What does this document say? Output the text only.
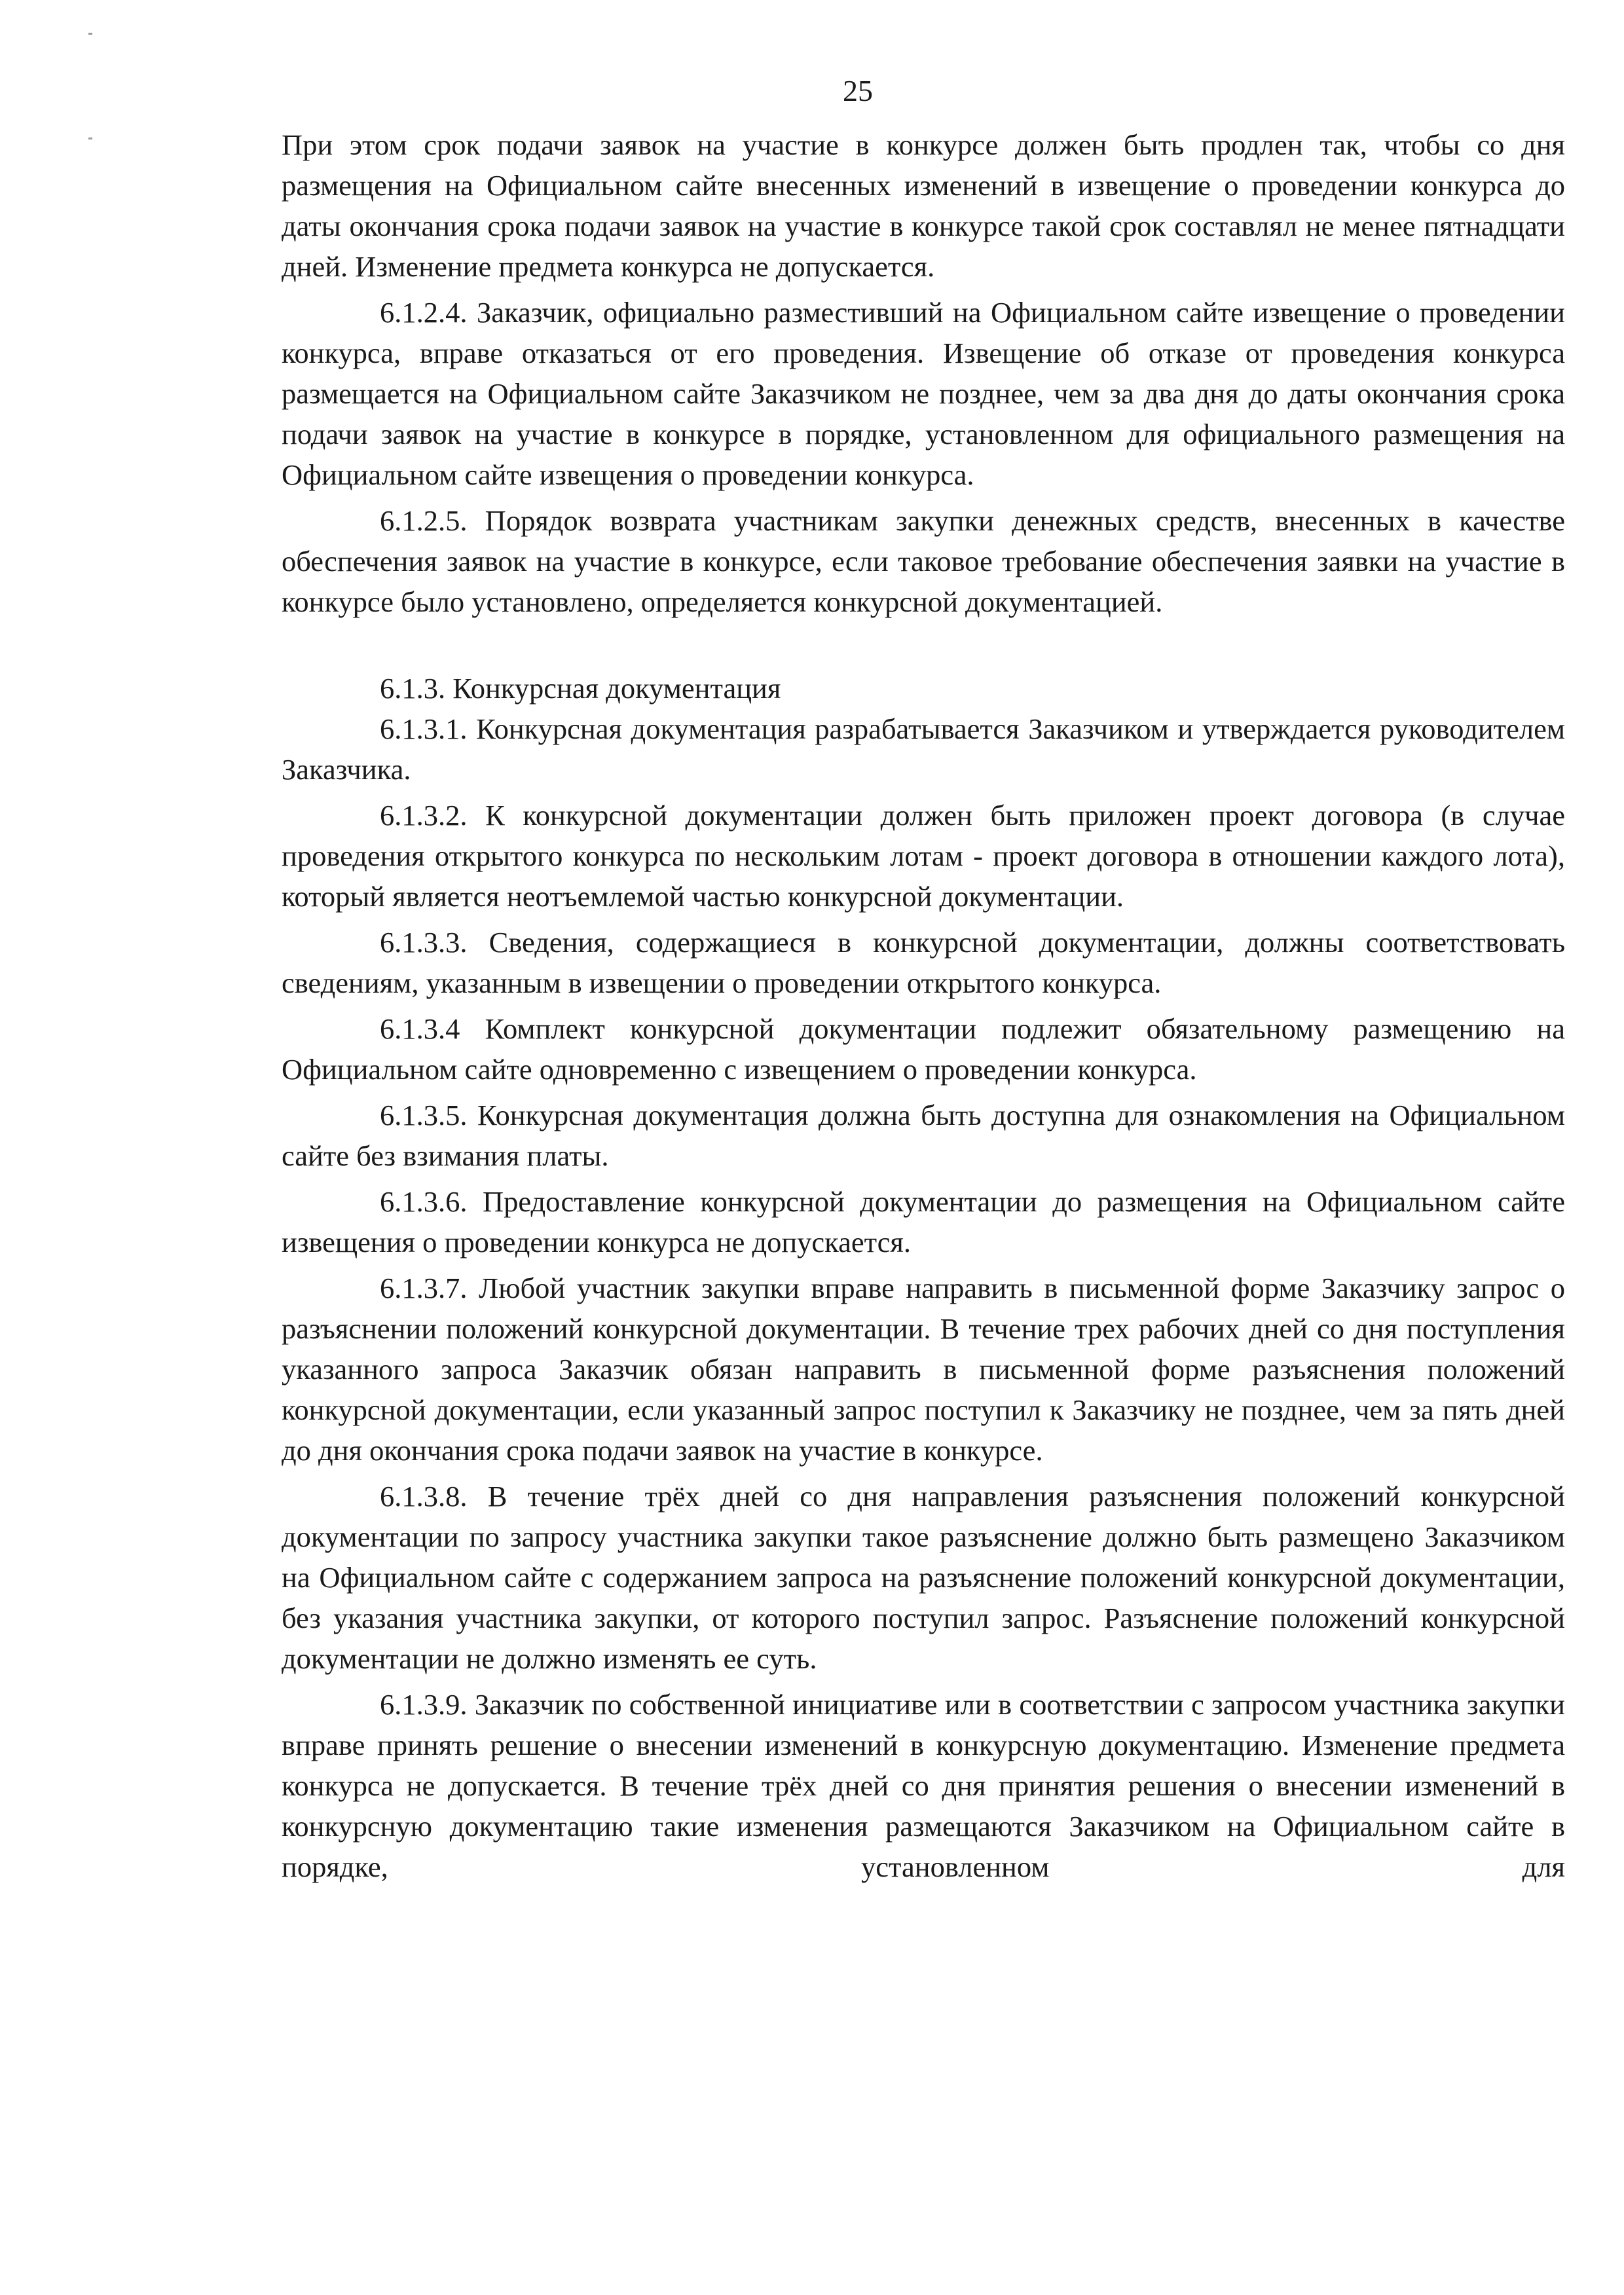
25

При этом срок подачи заявок на участие в конкурсе должен быть продлен так, чтобы со дня размещения на Официальном сайте внесенных изменений в извещение о проведении конкурса до даты окончания срока подачи заявок на участие в конкурсе такой срок составлял не менее пятнадцати дней. Изменение предмета конкурса не допускается.

6.1.2.4. Заказчик, официально разместивший на Официальном сайте извещение о проведении конкурса, вправе отказаться от его проведения. Извещение об отказе от проведения конкурса размещается на Официальном сайте Заказчиком не позднее, чем за два дня до даты окончания срока подачи заявок на участие в конкурсе в порядке, установленном для официального размещения на Официальном сайте извещения о проведении конкурса.

6.1.2.5. Порядок возврата участникам закупки денежных средств, внесенных в качестве обеспечения заявок на участие в конкурсе, если таковое требование обеспечения заявки на участие в конкурсе было установлено, определяется конкурсной документацией.

6.1.3. Конкурсная документация

6.1.3.1. Конкурсная документация разрабатывается Заказчиком и утверждается руководителем Заказчика.

6.1.3.2. К конкурсной документации должен быть приложен проект договора (в случае проведения открытого конкурса по нескольким лотам - проект договора в отношении каждого лота), который является неотъемлемой частью конкурсной документации.

6.1.3.3. Сведения, содержащиеся в конкурсной документации, должны соответствовать сведениям, указанным в извещении о проведении открытого конкурса.

6.1.3.4 Комплект конкурсной документации подлежит обязательному размещению на Официальном сайте одновременно с извещением о проведении конкурса.

6.1.3.5. Конкурсная документация должна быть доступна для ознакомления на Официальном сайте без взимания платы.

6.1.3.6. Предоставление конкурсной документации до размещения на Официальном сайте извещения о проведении конкурса не допускается.

6.1.3.7. Любой участник закупки вправе направить в письменной форме Заказчику запрос о разъяснении положений конкурсной документации. В течение трех рабочих дней со дня поступления указанного запроса Заказчик обязан направить в письменной форме разъяснения положений конкурсной документации, если указанный запрос поступил к Заказчику не позднее, чем за пять дней до дня окончания срока подачи заявок на участие в конкурсе.

6.1.3.8. В течение трёх дней со дня направления разъяснения положений конкурсной документации по запросу участника закупки такое разъяснение должно быть размещено Заказчиком на Официальном сайте с содержанием запроса на разъяснение положений конкурсной документации, без указания участника закупки, от которого поступил запрос. Разъяснение положений конкурсной документации не должно изменять ее суть.

6.1.3.9. Заказчик по собственной инициативе или в соответствии с запросом участника закупки вправе принять решение о внесении изменений в конкурсную документацию. Изменение предмета конкурса не допускается. В течение трёх дней со дня принятия решения о внесении изменений в конкурсную документацию такие изменения размещаются Заказчиком на Официальном сайте в порядке, установленном для
